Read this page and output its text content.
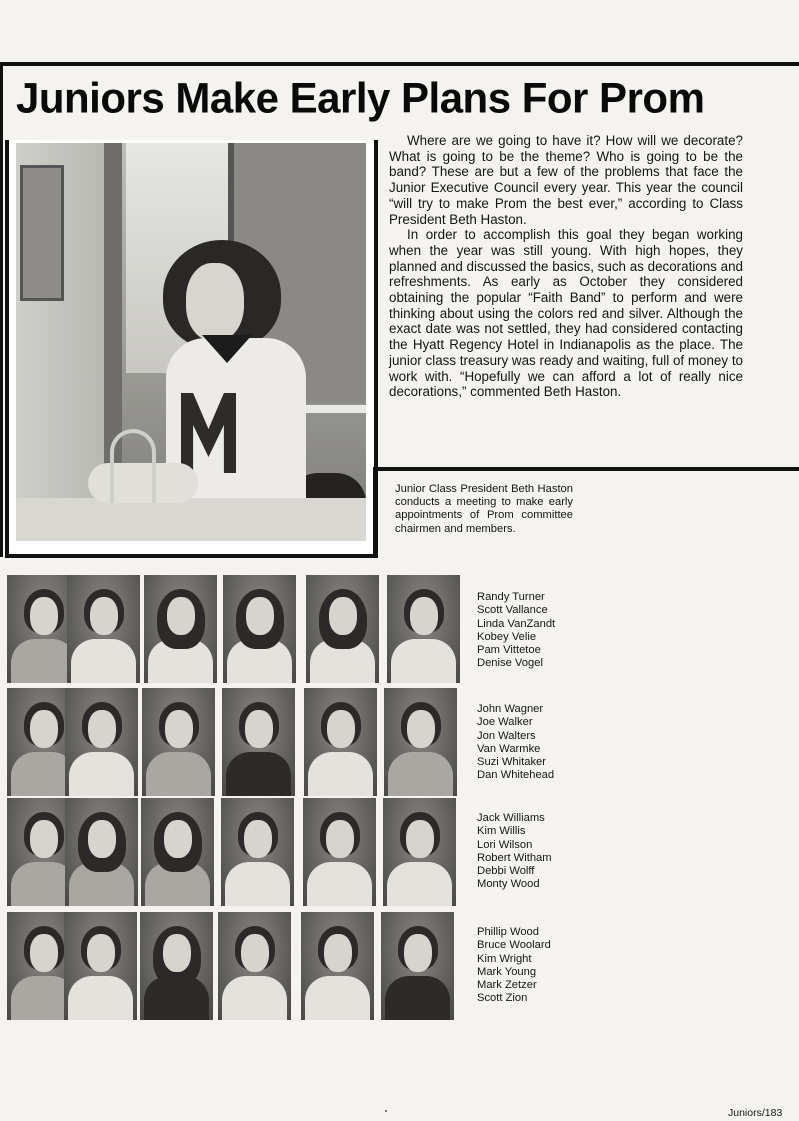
Juniors Make Early Plans For Prom

Where are we going to have it? How will we decorate? What is going to be the theme? Who is going to be the band? These are but a few of the problems that face the Junior Executive Council every year. This year the council “will try to make Prom the best ever,” according to Class President Beth Haston.

In order to accomplish this goal they began working when the year was still young. With high hopes, they planned and discussed the basics, such as decorations and refreshments. As early as October they considered obtaining the popular “Faith Band” to perform and were thinking about using the colors red and silver. Although the exact date was not settled, they had considered contacting the Hyatt Regency Hotel in Indianapolis as the place. The junior class treasury was ready and waiting, full of money to work with. “Hopefully we can afford a lot of really nice decorations,” commented Beth Haston.

Junior Class President Beth Haston conducts a meeting to make early appointments of Prom committee chairmen and members.

Randy Turner
Scott Vallance
Linda VanZandt
Kobey Velie
Pam Vittetoe
Denise Vogel
John Wagner
Joe Walker
Jon Walters
Van Warmke
Suzi Whitaker
Dan Whitehead
Jack Williams
Kim Willis
Lori Wilson
Robert Witham
Debbi Wolff
Monty Wood
Phillip Wood
Bruce Woolard
Kim Wright
Mark Young
Mark Zetzer
Scott Zion
Juniors/183
